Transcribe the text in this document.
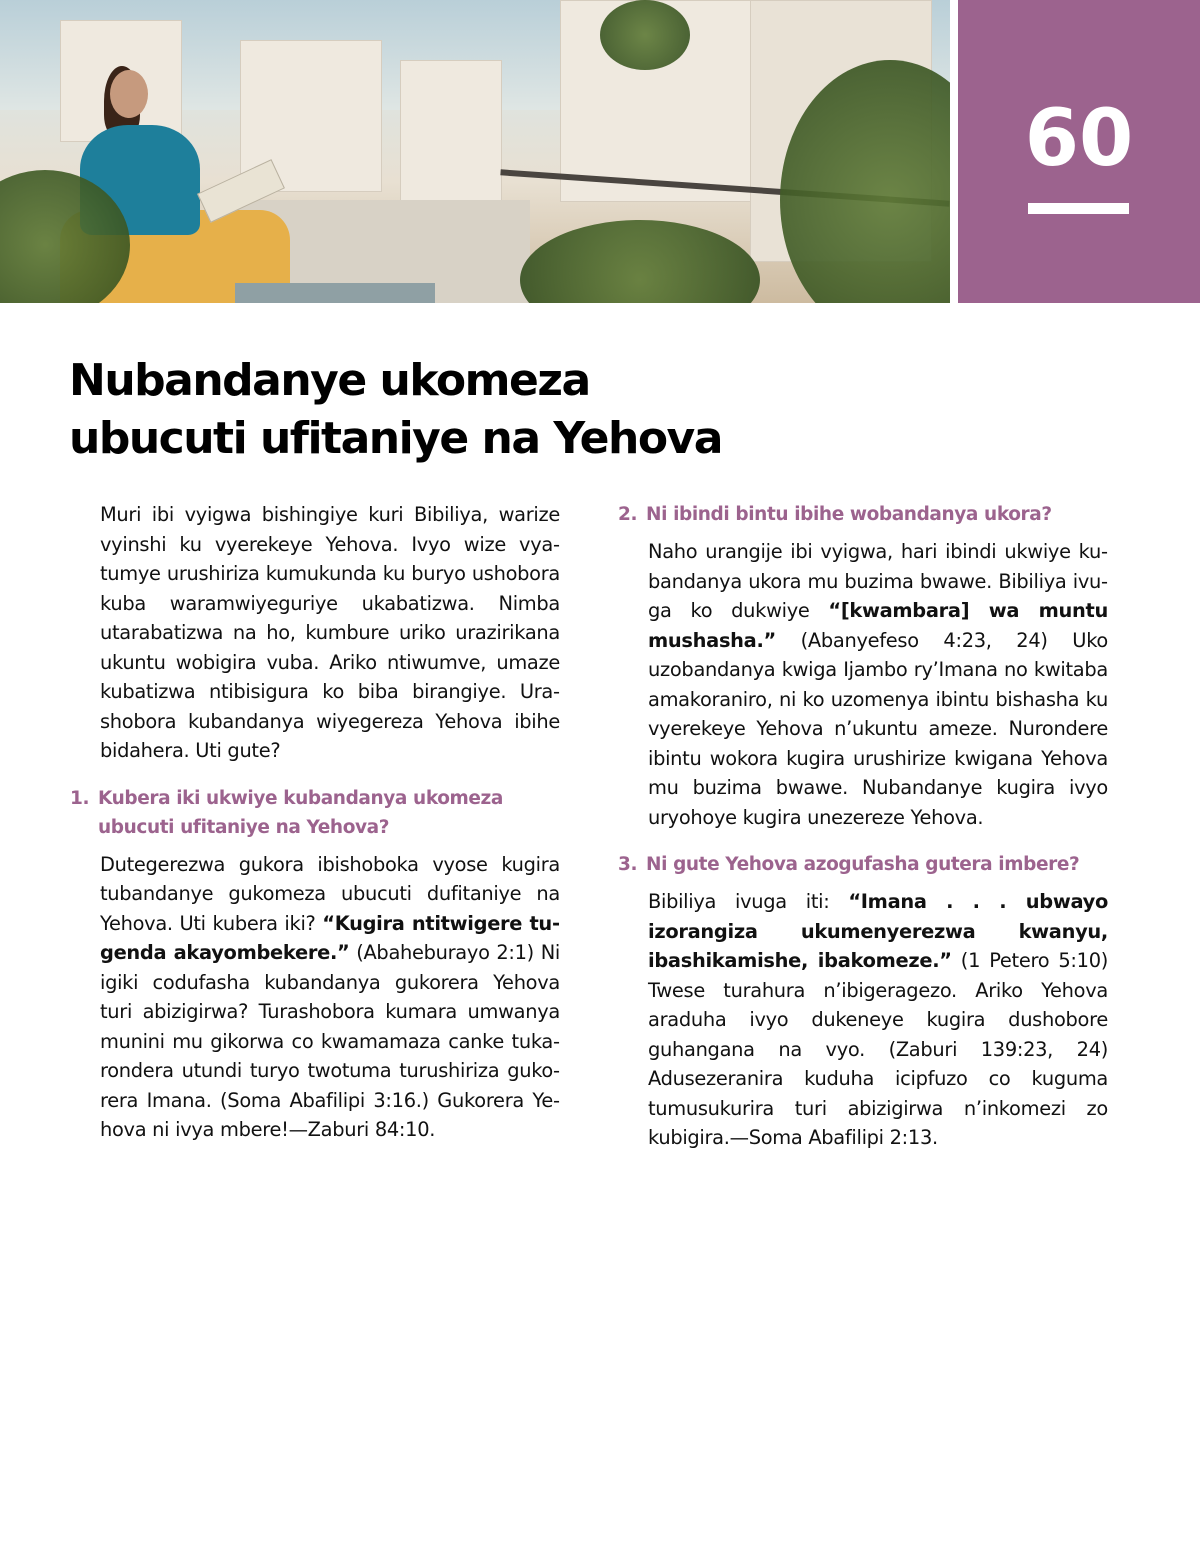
60
Nubandanye ukomeza
ubucuti ufitaniye na Yehova

Muri ibi vyigwa bishingiye kuri Bibiliya, warize vyinshi ku vyerekeye Yehova. Ivyo wize vyatumye urushiriza kumukunda ku buryo ushobora kuba waramwiyeguriye ukabatizwa. Nimba utarabatizwa na ho, kumbure uriko urazirikana ukuntu wobigira vuba. Ariko ntiwumve, umaze kubatizwa ntibisigura ko biba birangiye. Urashobora kubandanya wiyegereza Yehova ibihe bidahera. Uti gute?

1. Kubera iki ukwiye kubandanya ukomeza ubucuti ufitaniye na Yehova?

Dutegerezwa gukora ibishoboka vyose kugira tubandanye gukomeza ubucuti dufitaniye na Yehova. Uti kubera iki? “Kugira ntitwigere tugenda akayombekere.” (Abaheburayo 2:1) Ni igiki codufasha kubandanya gukorera Yehova turi abizigirwa? Turashobora kumara umwanya munini mu gikorwa co kwamamaza canke tukarondera utundi turyo twotuma turushiriza gukorera Imana. (Soma Abafilipi 3:16.) Gukorera Yehova ni ivya mbere!—Zaburi 84:10.

2. Ni ibindi bintu ibihe wobandanya ukora?

Naho urangije ibi vyigwa, hari ibindi ukwiye kubandanya ukora mu buzima bwawe. Bibiliya ivuga ko dukwiye “[kwambara] wa muntu mushasha.” (Abanyefeso 4:23, 24) Uko uzobandanya kwiga Ijambo ry’Imana no kwitaba amakoraniro, ni ko uzomenya ibintu bishasha ku vyerekeye Yehova n’ukuntu ameze. Nurondere ibintu wokora kugira urushirize kwigana Yehova mu buzima bwawe. Nubandanye kugira ivyo uryohoye kugira unezereze Yehova.

3. Ni gute Yehova azogufasha gutera imbere?

Bibiliya ivuga iti: “Imana . . . ubwayo izorangiza ukumenyerezwa kwanyu, ibashikamishe, ibakomeze.” (1 Petero 5:10) Twese turahura n’ibigeragezo. Ariko Yehova araduha ivyo dukeneye kugira dushobore guhangana na vyo. (Zaburi 139:23, 24) Adusezeranira kuduha icipfuzo co kuguma tumusukurira turi abizigirwa n’inkomezi zo kubigira.—Soma Abafilipi 2:13.
